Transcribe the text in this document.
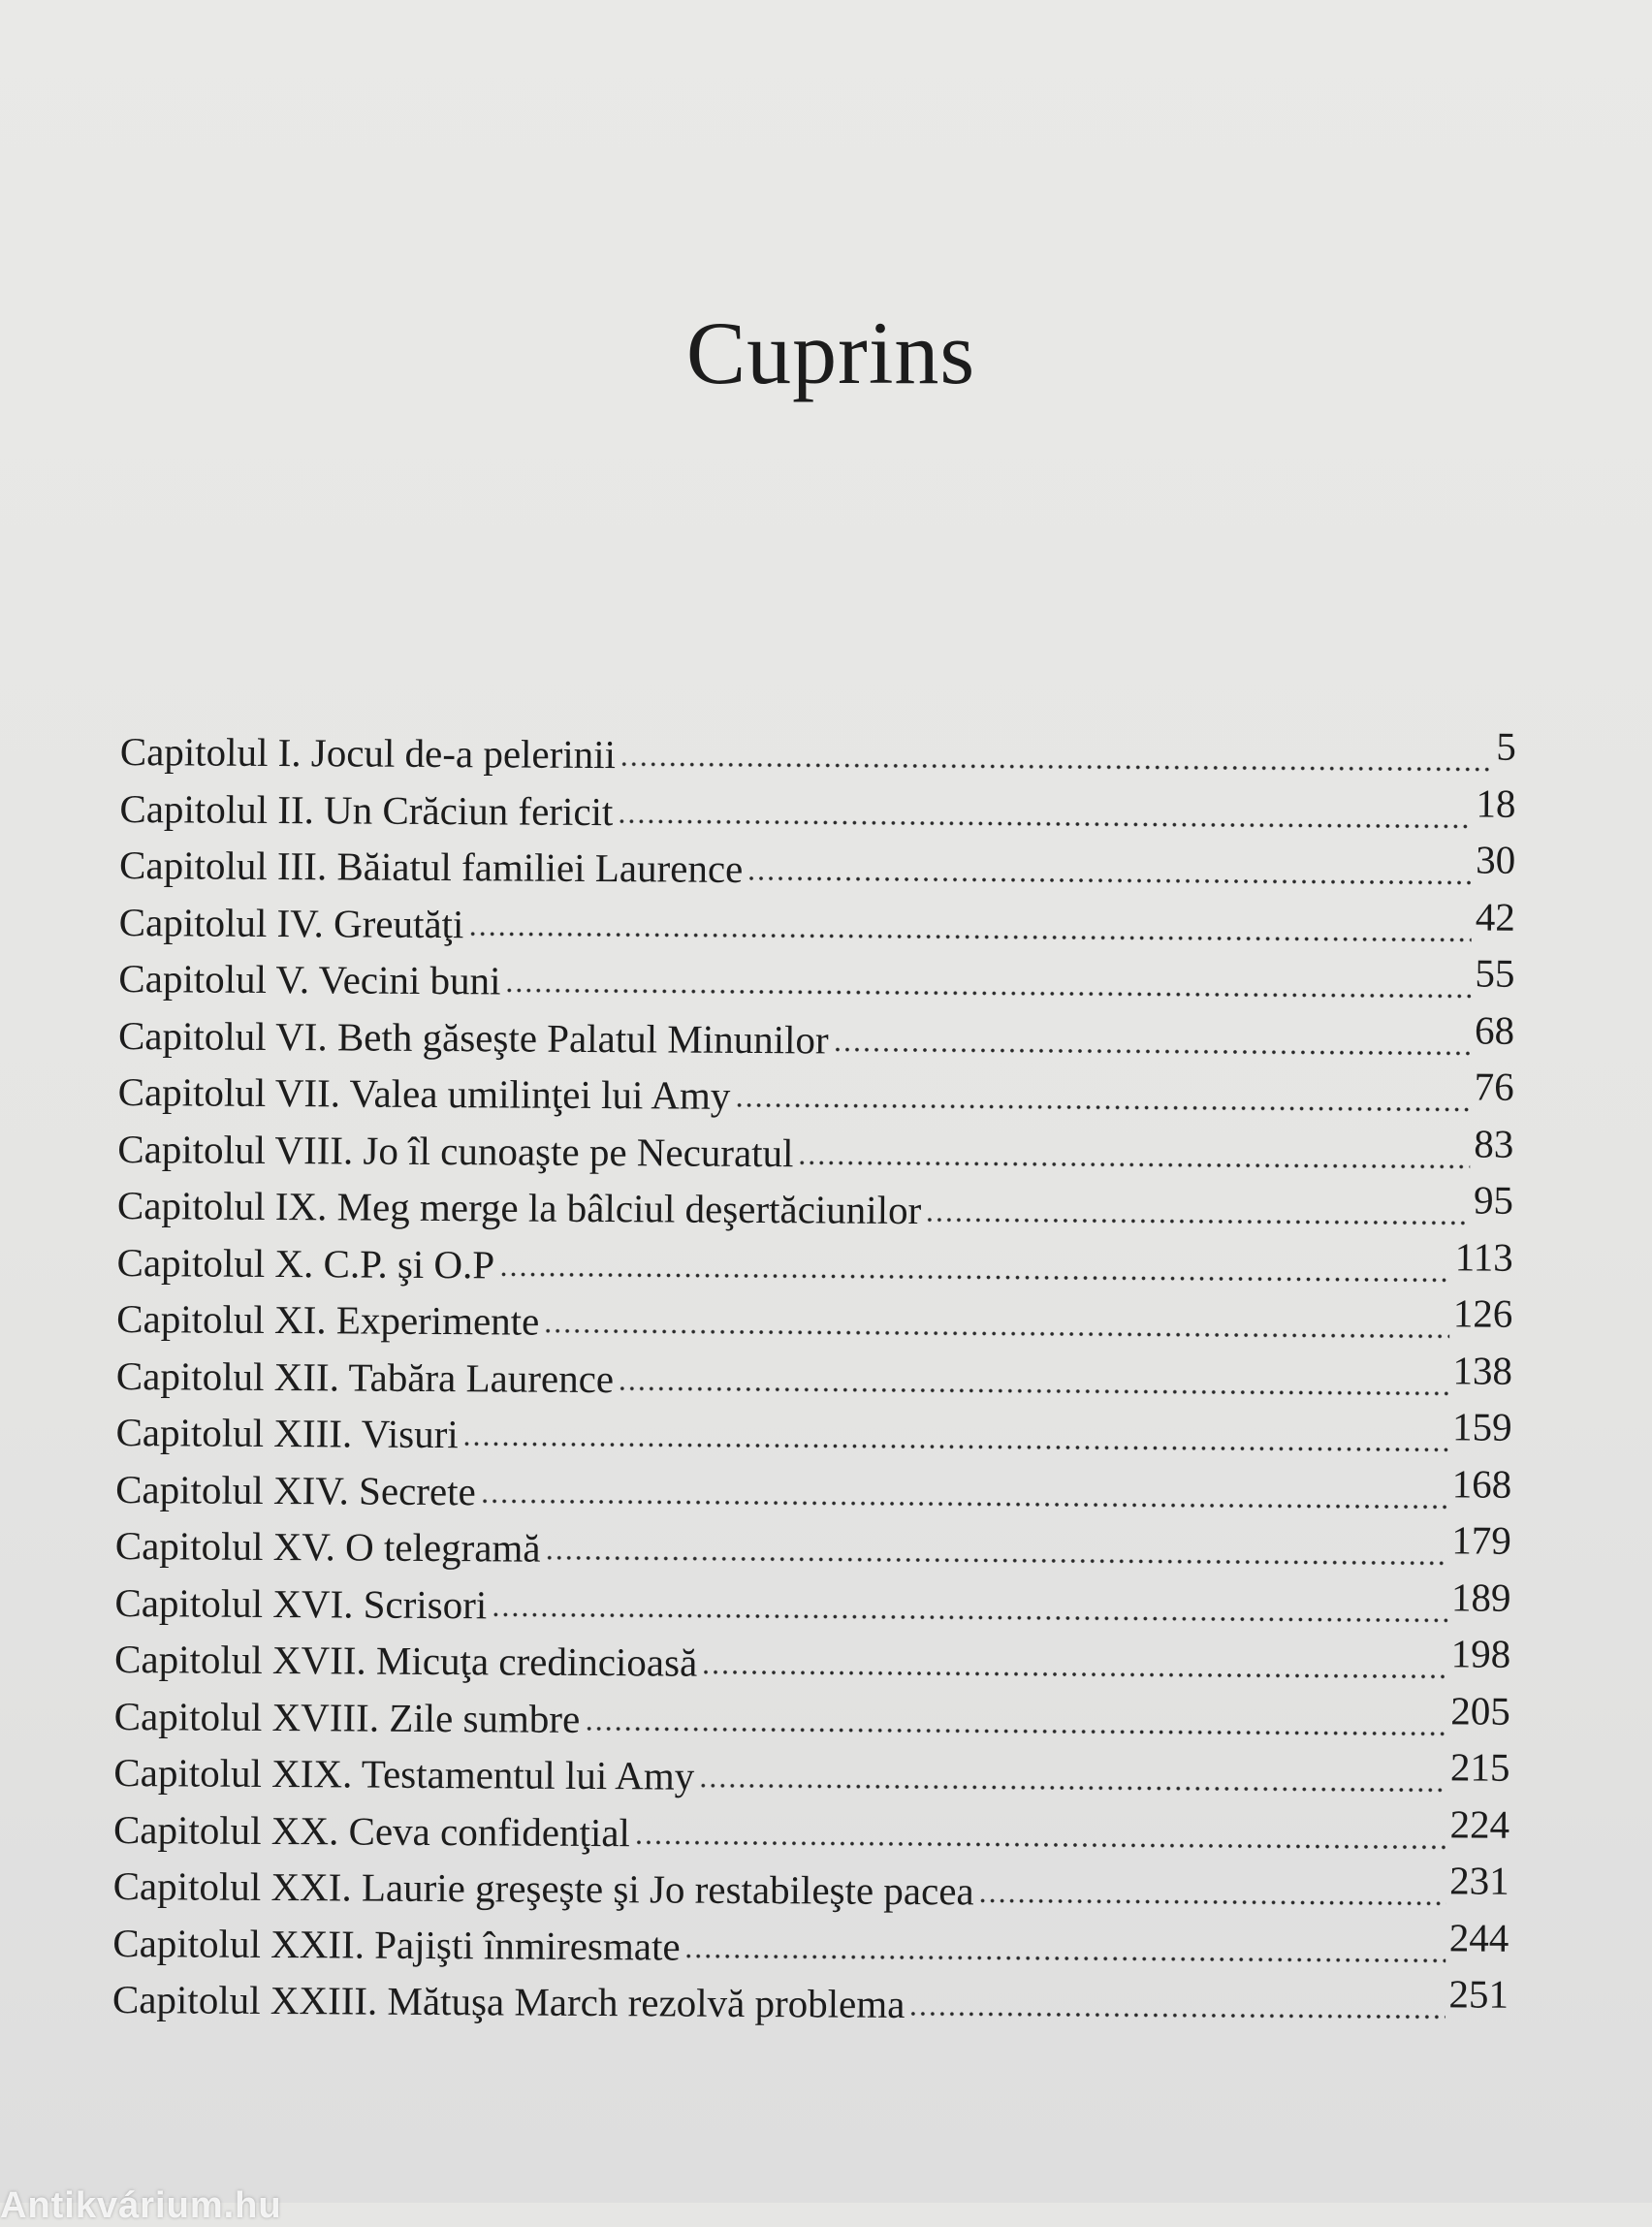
Cuprins
Capitolul I. Jocul de-a pelerinii	5
Capitolul II. Un Crăciun fericit	18
Capitolul III. Băiatul familiei Laurence	30
Capitolul IV. Greutăţi	42
Capitolul V. Vecini buni	55
Capitolul VI. Beth găseşte Palatul Minunilor	68
Capitolul VII. Valea umilinţei lui Amy	76
Capitolul VIII. Jo îl cunoaşte pe Necuratul	83
Capitolul IX. Meg merge la bâlciul deşertăciunilor	95
Capitolul X. C.P. şi O.P	113
Capitolul XI. Experimente	126
Capitolul XII. Tabăra Laurence	138
Capitolul XIII. Visuri	159
Capitolul XIV. Secrete	168
Capitolul XV. O telegramă	179
Capitolul XVI. Scrisori	189
Capitolul XVII. Micuţa credincioasă	198
Capitolul XVIII. Zile sumbre	205
Capitolul XIX. Testamentul lui Amy	215
Capitolul XX. Ceva confidenţial	224
Capitolul XXI. Laurie greşeşte şi Jo restabileşte pacea	231
Capitolul XXII. Pajişti înmiresmate	244
Capitolul XXIII. Mătuşa March rezolvă problema	251
Antikvárium.hu
